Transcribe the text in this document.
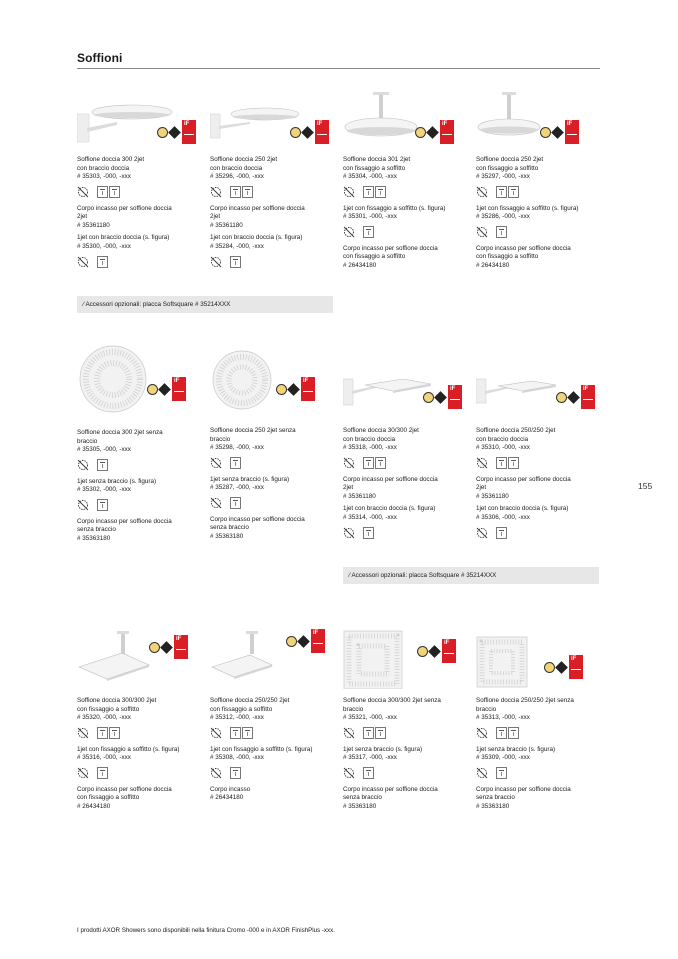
Soffioni
iF
Soffione doccia 300 2jet
con braccio doccia
# 35303, -000, -xxx
Corpo incasso per soffione doccia
2jet
# 35361180
1jet con braccio doccia (s. figura)
# 35300, -000, -xxx
iF
Soffione doccia 250 2jet
con braccio doccia
# 35296, -000, -xxx
Corpo incasso per soffione doccia
2jet
# 35361180
1jet con braccio doccia (s. figura)
# 35284, -000, -xxx
iF
Soffione doccia 301 2jet
con fissaggio a soffitto
# 35304, -000, -xxx
1jet con fissaggio a soffitto (s. figura)
# 35301, -000, -xxx
Corpo incasso per soffione doccia
con fissaggio a soffitto
# 26434180
iF
Soffione doccia 250 2jet
con fissaggio a soffitto
# 35297, -000, -xxx
1jet con fissaggio a soffitto (s. figura)
# 35286, -000, -xxx
Corpo incasso per soffione doccia
con fissaggio a soffitto
# 26434180
⁄ Accessori opzionali: placca Softsquare # 35214XXX
iF
Soffione doccia 300 2jet senza
braccio
# 35305, -000, -xxx
1jet senza braccio (s. figura)
# 35302, -000, -xxx
Corpo incasso per soffione doccia
senza braccio
# 35363180
iF
Soffione doccia 250 2jet senza
braccio
# 35298, -000, -xxx
1jet senza braccio (s. figura)
# 35287, -000, -xxx
Corpo incasso per soffione doccia
senza braccio
# 35363180
iF
Soffione doccia 30/300 2jet
con braccio doccia
# 35318, -000, -xxx
Corpo incasso per soffione doccia
2jet
# 35361180
1jet con braccio doccia (s. figura)
# 35314, -000, -xxx
iF
Soffione doccia 250/250 2jet
con braccio doccia
# 35310, -000, -xxx
Corpo incasso per soffione doccia
2jet
# 35361180
1jet con braccio doccia (s. figura)
# 35306, -000, -xxx
⁄ Accessori opzionali: placca Softsquare # 35214XXX
155
iF
Soffione doccia 300/300 2jet
con fissaggio a soffitto
# 35320, -000, -xxx
1jet con fissaggio a soffitto (s. figura)
# 35316, -000, -xxx
Corpo incasso per soffione doccia
con fissaggio a soffitto
# 26434180
iF
Soffione doccia 250/250 2jet
con fissaggio a soffitto
# 35312, -000, -xxx
1jet con fissaggio a soffitto (s. figura)
# 35308, -000, -xxx
Corpo incasso
# 26434180
iF
Soffione doccia 300/300 2jet senza
braccio
# 35321, -000, -xxx
1jet senza braccio (s. figura)
# 35317, -000, -xxx
Corpo incasso per soffione doccia
senza braccio
# 35363180
iF
Soffione doccia 250/250 2jet senza
braccio
# 35313, -000, -xxx
1jet senza braccio (s. figura)
# 35309, -000, -xxx
Corpo incasso per soffione doccia
senza braccio
# 35363180
I prodotti AXOR Showers sono disponibili nella finitura Cromo -000 e in AXOR FinishPlus -xxx.
